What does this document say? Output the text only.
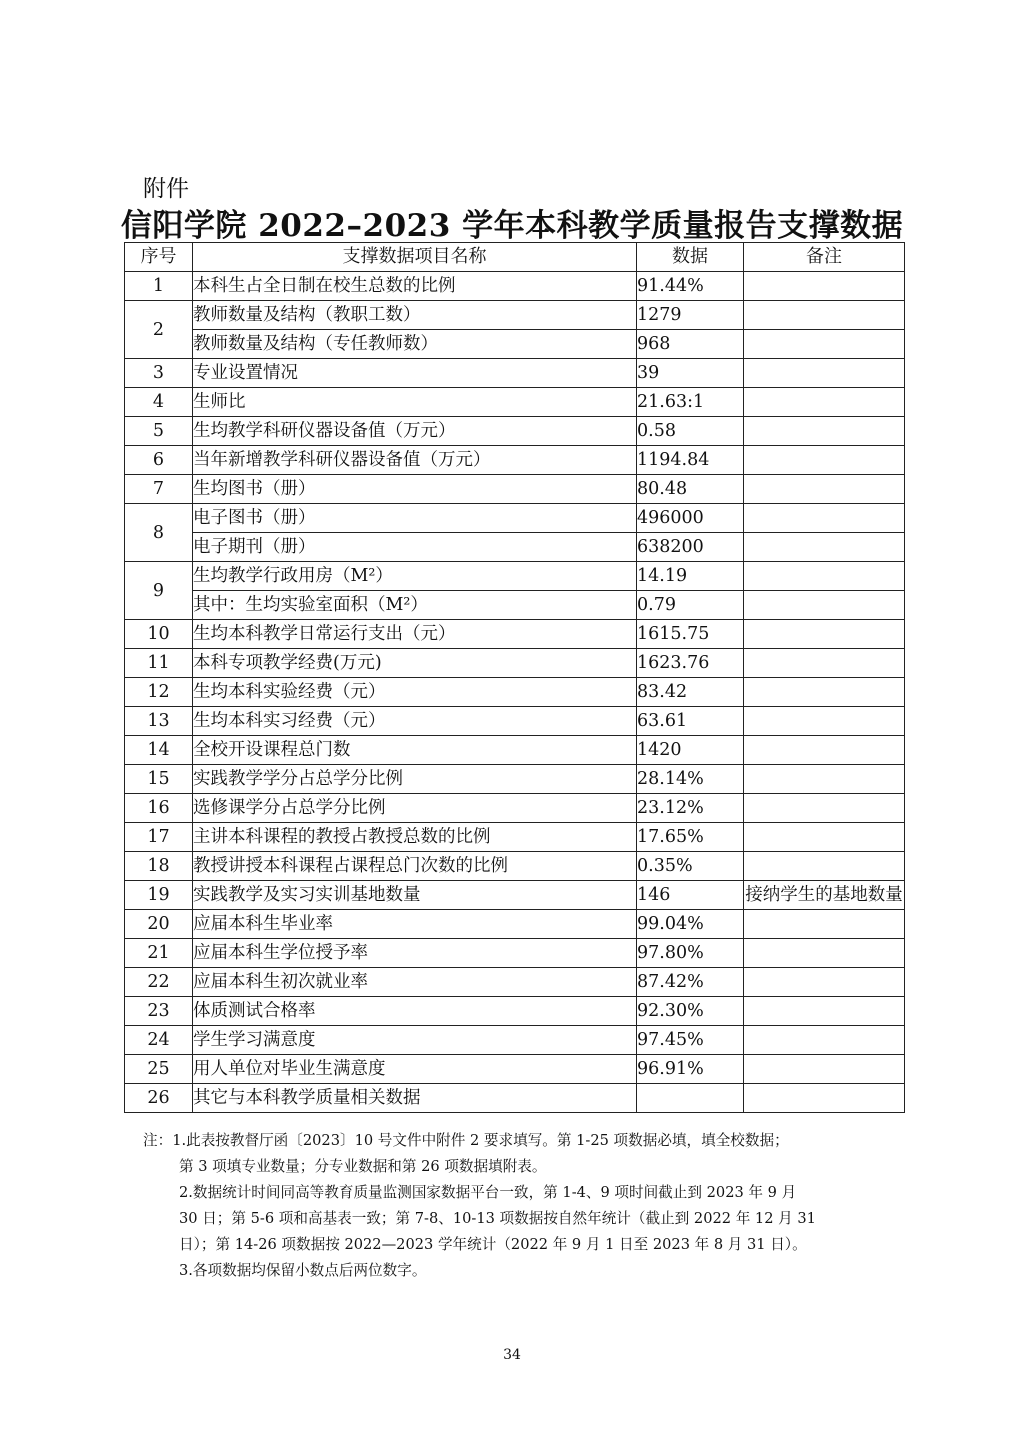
附件
信阳学院 2022–2023 学年本科教学质量报告支撑数据
序号	支撑数据项目名称	数据	备注
1	本科生占全日制在校生总数的比例	91.44%	
2	教师数量及结构（教职工数）	1279	
	教师数量及结构（专任教师数）	968	
3	专业设置情况	39	
4	生师比	21.63:1	
5	生均教学科研仪器设备值（万元）	0.58	
6	当年新增教学科研仪器设备值（万元）	1194.84	
7	生均图书（册）	80.48	
8	电子图书（册）	496000	
	电子期刊（册）	638200	
9	生均教学行政用房（M²）	14.19	
	其中：生均实验室面积（M²）	0.79	
10	生均本科教学日常运行支出（元）	1615.75	
11	本科专项教学经费(万元)	1623.76	
12	生均本科实验经费（元）	83.42	
13	生均本科实习经费（元）	63.61	
14	全校开设课程总门数	1420	
15	实践教学学分占总学分比例	28.14%	
16	选修课学分占总学分比例	23.12%	
17	主讲本科课程的教授占教授总数的比例	17.65%	
18	教授讲授本科课程占课程总门次数的比例	0.35%	
19	实践教学及实习实训基地数量	146	接纳学生的基地数量
20	应届本科生毕业率	99.04%	
21	应届本科生学位授予率	97.80%	
22	应届本科生初次就业率	87.42%	
23	体质测试合格率	92.30%	
24	学生学习满意度	97.45%	
25	用人单位对毕业生满意度	96.91%	
26	其它与本科教学质量相关数据		

注：1.此表按教督厅函〔2023〕10 号文件中附件 2 要求填写。第 1-25 项数据必填，填全校数据；

第 3 项填专业数量；分专业数据和第 26 项数据填附表。

2.数据统计时间同高等教育质量监测国家数据平台一致，第 1-4、9 项时间截止到 2023 年 9 月

30 日；第 5-6 项和高基表一致；第 7-8、10-13 项数据按自然年统计（截止到 2022 年 12 月 31

日）；第 14-26 项数据按 2022—2023 学年统计（2022 年 9 月 1 日至 2023 年 8 月 31 日）。

3.各项数据均保留小数点后两位数字。

34
